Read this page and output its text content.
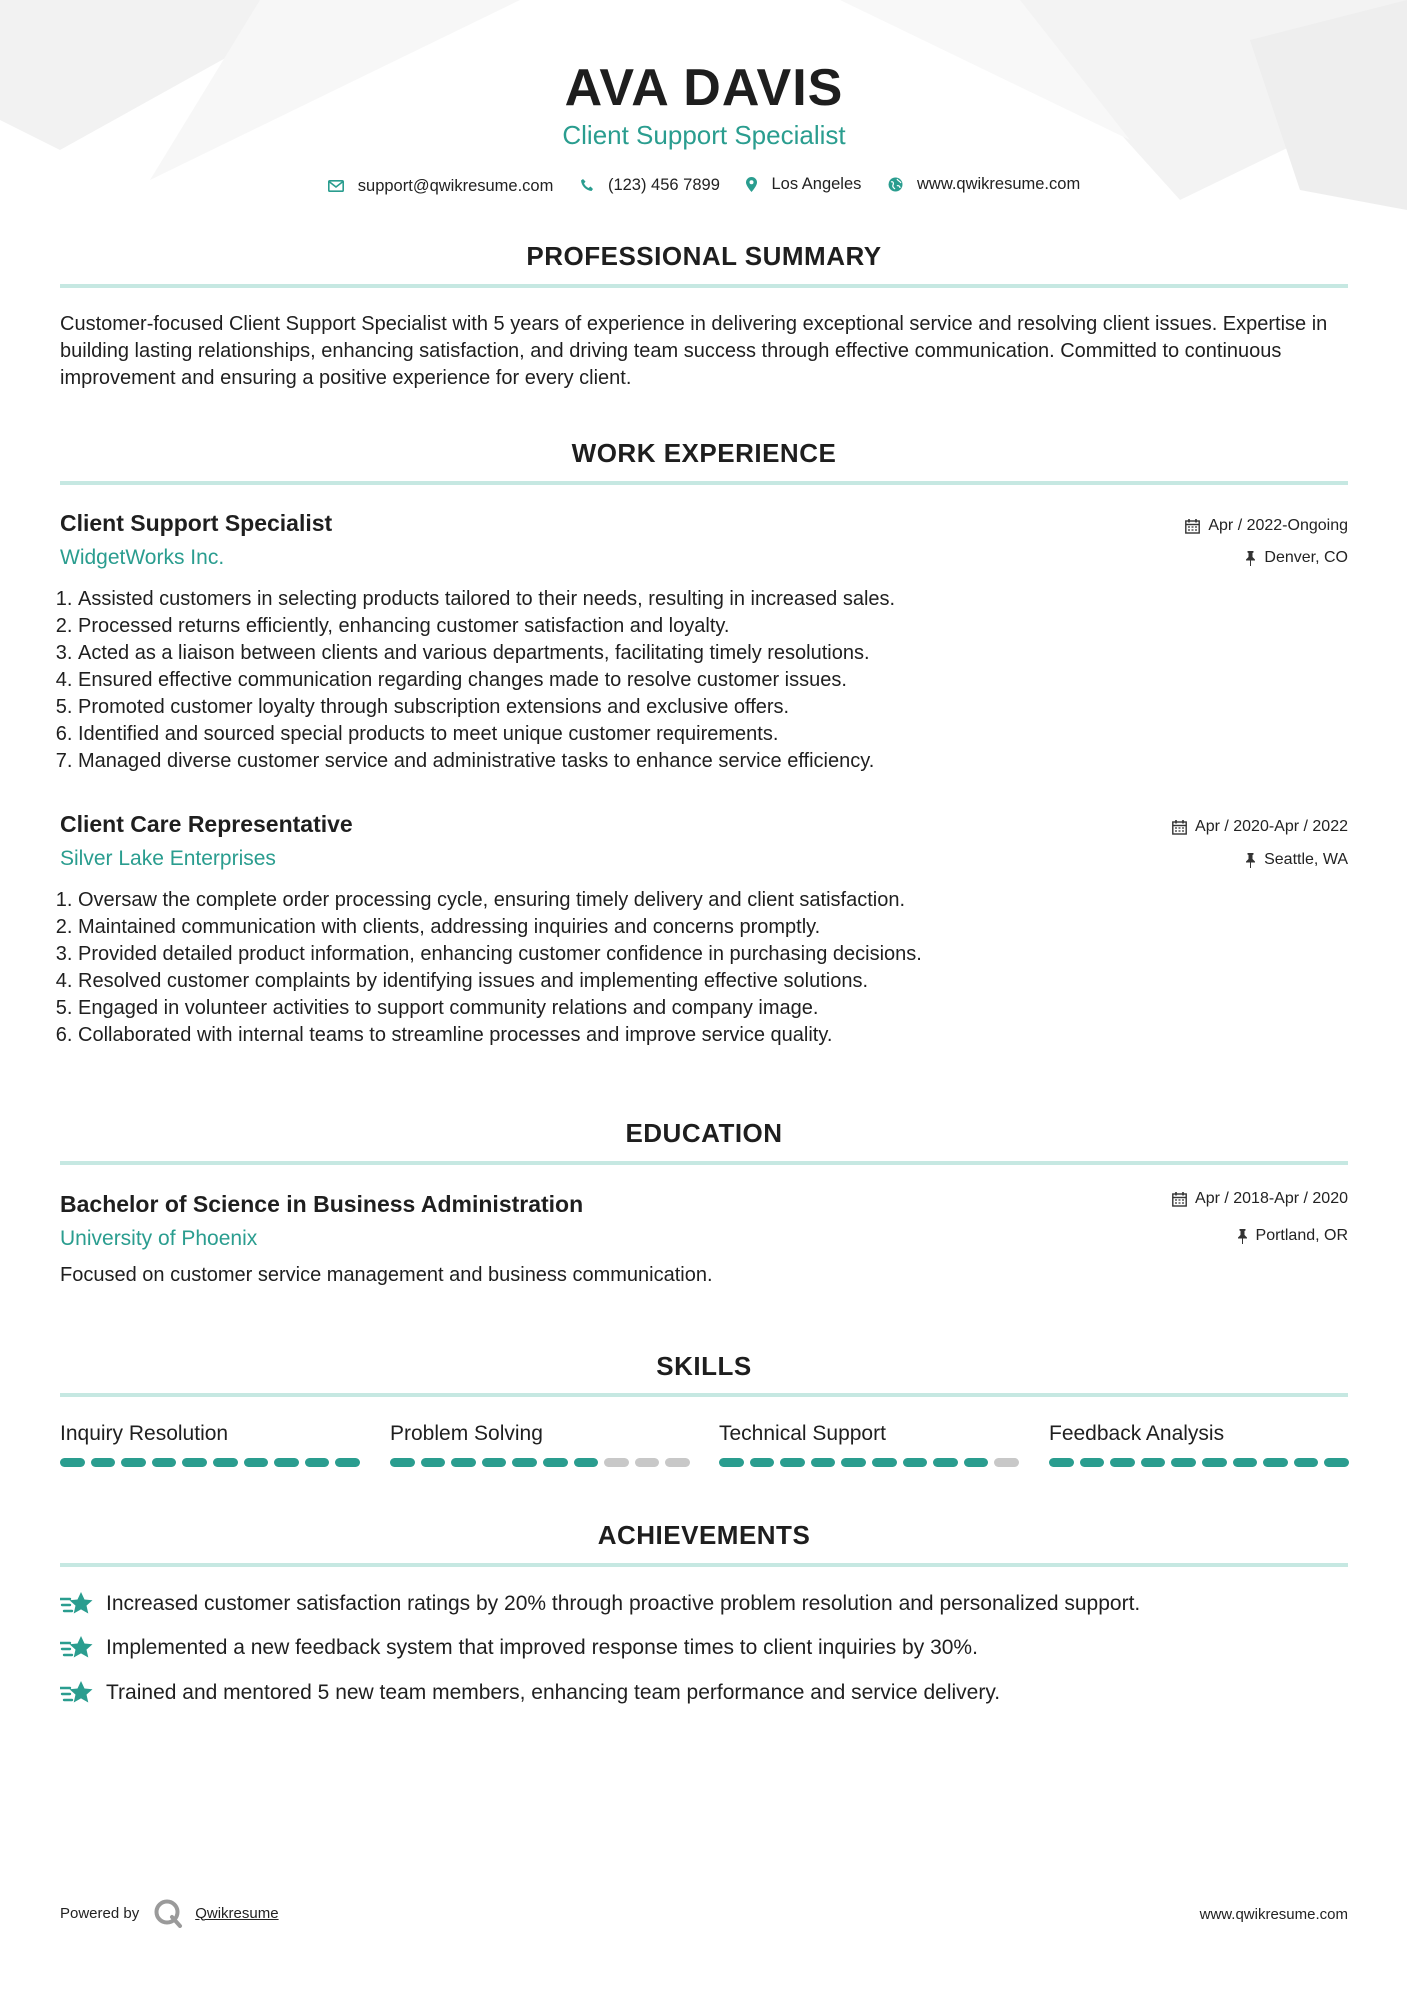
AVA DAVIS
Client Support Specialist
support@qwikresume.com
	(123) 456 7899
	Los Angeles
	www.qwikresume.com
PROFESSIONAL SUMMARY
Customer-focused Client Support Specialist with 5 years of experience in delivering exceptional service and resolving client issues. Expertise in building lasting relationships, enhancing satisfaction, and driving team success through effective communication. Committed to continuous improvement and ensuring a positive experience for every client.
WORK EXPERIENCE
Client Support Specialist
WidgetWorks Inc.
Apr / 2022-Ongoing
Denver, CO
1. Assisted customers in selecting products tailored to their needs, resulting in increased sales.
2. Processed returns efficiently, enhancing customer satisfaction and loyalty.
3. Acted as a liaison between clients and various departments, facilitating timely resolutions.
4. Ensured effective communication regarding changes made to resolve customer issues.
5. Promoted customer loyalty through subscription extensions and exclusive offers.
6. Identified and sourced special products to meet unique customer requirements.
7. Managed diverse customer service and administrative tasks to enhance service efficiency.
Client Care Representative
Silver Lake Enterprises
Apr / 2020-Apr / 2022
Seattle, WA
1. Oversaw the complete order processing cycle, ensuring timely delivery and client satisfaction.
2. Maintained communication with clients, addressing inquiries and concerns promptly.
3. Provided detailed product information, enhancing customer confidence in purchasing decisions.
4. Resolved customer complaints by identifying issues and implementing effective solutions.
5. Engaged in volunteer activities to support community relations and company image.
6. Collaborated with internal teams to streamline processes and improve service quality.
EDUCATION
Bachelor of Science in Business Administration
University of Phoenix
Apr / 2018-Apr / 2020
Portland, OR
Focused on customer service management and business communication.
SKILLS
Inquiry Resolution	Problem Solving	Technical Support	Feedback Analysis
ACHIEVEMENTS
Increased customer satisfaction ratings by 20% through proactive problem resolution and personalized support.
Implemented a new feedback system that improved response times to client inquiries by 30%.
Trained and mentored 5 new team members, enhancing team performance and service delivery.
Powered by	Qwikresume	www.qwikresume.com
